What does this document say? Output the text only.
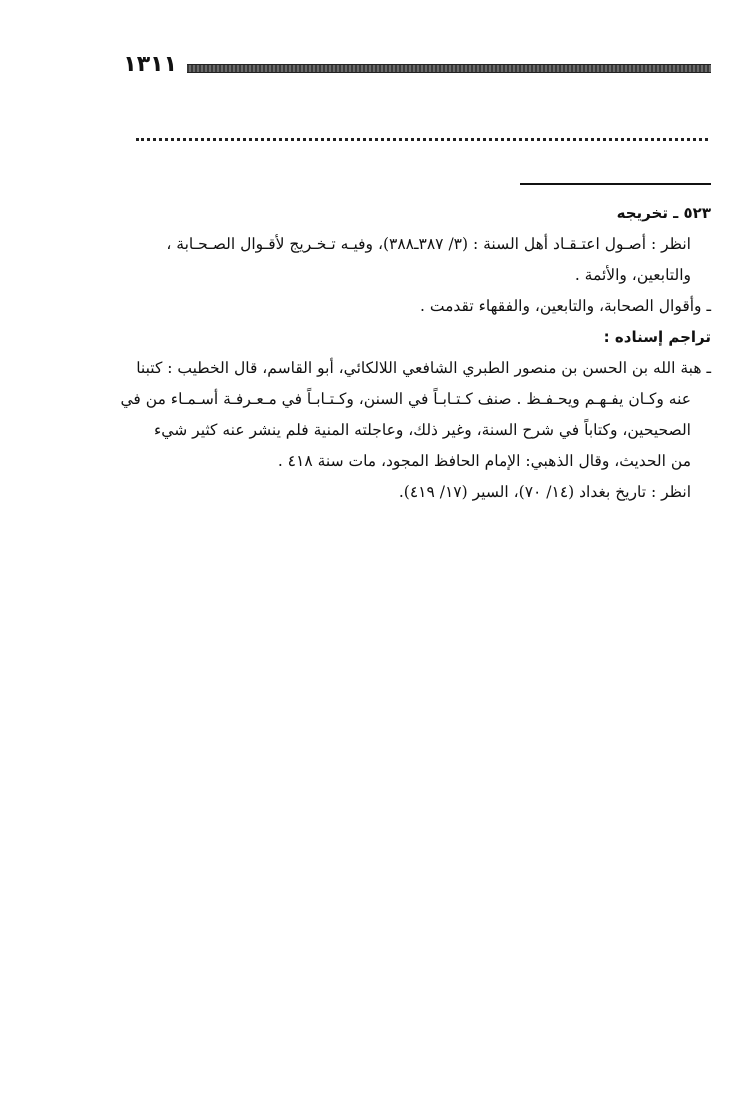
١٣١١

٥٢٣ ـ تخريجه

انظر : أصـول اعتـقـاد أهل السنة : (٣/ ٣٨٧ـ٣٨٨)، وفيـه تـخـريج لأقـوال الصـحـابة ،

والتابعين، والأئمة .

ـ وأقوال الصحابة، والتابعين، والفقهاء تقدمت .

تراجم إسناده :

ـ هبة الله بن الحسن بن منصور الطبري الشافعي اللالكائي، أبو القاسم، قال الخطيب : كتبنا

عنه وكـان يفـهـم ويحـفـظ . صنف كـتـابـاً في السنن، وكـتـابـاً في مـعـرفـة أسـمـاء من في

الصحيحين، وكتاباً في شرح السنة، وغير ذلك، وعاجلته المنية فلم ينشر عنه كثير شيء

من الحديث، وقال الذهبي: الإمام الحافظ المجود، مات سنة ٤١٨ .

انظر : تاريخ بغداد (١٤/ ٧٠)، السير (١٧/ ٤١٩).
